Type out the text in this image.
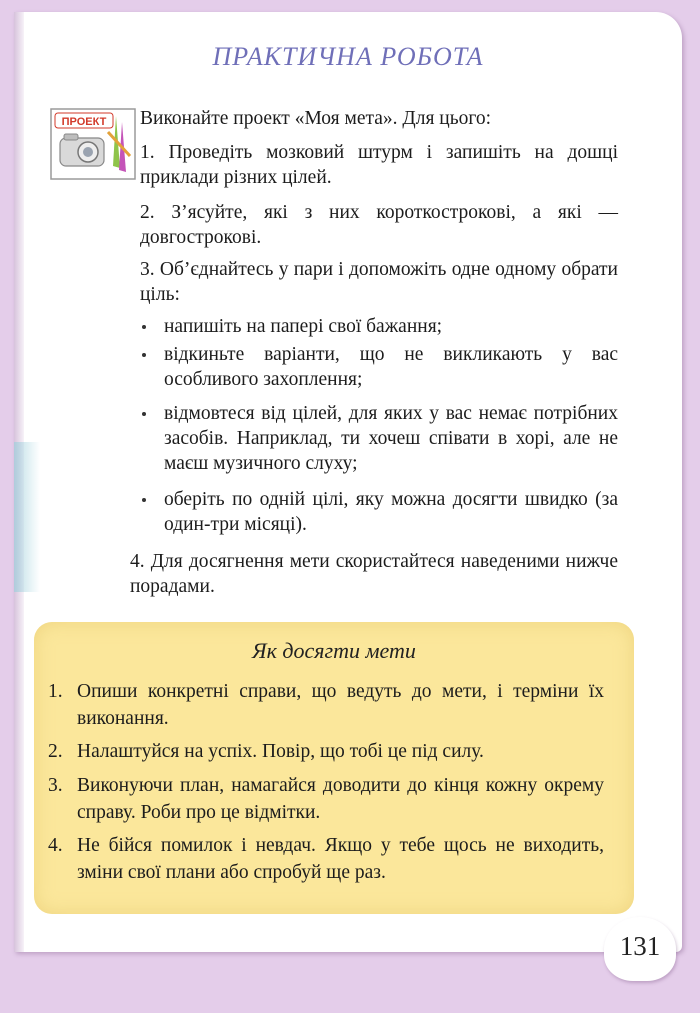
ПРАКТИЧНА РОБОТА
ПРОЕКТ Виконайте проект «Моя мета». Для цього:
1. Проведіть мозковий штурм і запишіть на дошці приклади різних цілей.
2. З’ясуйте, які з них короткострокові, а які — довгострокові.
3. Об’єднайтесь у пари і допоможіть одне одному обрати ціль:
напишіть на папері свої бажання;
відкиньте варіанти, що не викликають у вас особливого захоплення;
відмовтеся від цілей, для яких у вас немає потрібних засобів. Наприклад, ти хочеш співати в хорі, але не маєш музичного слуху;
оберіть по одній цілі, яку можна досягти швидко (за один-три місяці).
4. Для досягнення мети скористайтеся наведеними нижче порадами.
Як досягти мети
1. Опиши конкретні справи, що ведуть до мети, і терміни їх виконання.
2. Налаштуйся на успіх. Повір, що тобі це під силу.
3. Виконуючи план, намагайся доводити до кінця кожну окрему справу. Роби про це відмітки.
4. Не бійся помилок і невдач. Якщо у тебе щось не виходить, зміни свої плани або спробуй ще раз.
131
